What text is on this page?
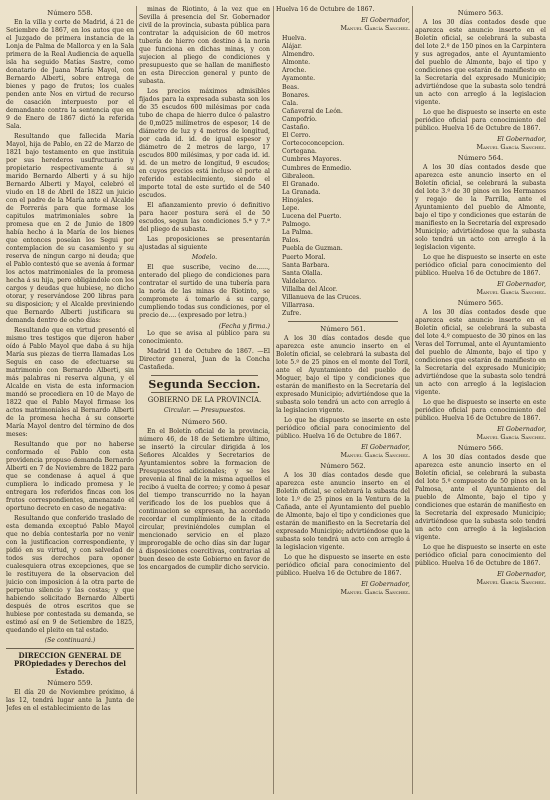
Número 558.

En la villa y corte de Madrid, á 21 de Setiembre de 1867, en los autos que en el Juzgado de primera instancia de la Lonja de Palma de Mallorca y en la Sala primera de la Real Audiencia de aquella isla ha seguido Matías Sastre, como donatario de Juana María Mayol, con Bernardo Alberti, sobre entrega de bienes y pago de frutos; los cuales penden ante Nos en virtud de recurso de casación interpuesto por el demandante contra la sentencia que en 9 de Enero de 1867 dictó la referida Sala.

Resultando que fallecida María Mayol, hija de Pablo, en 22 de Marzo de 1821 bajo testamento en que instituía por sus herederos usufructuario y propietario respectivamente á su marido Bernardo Alberti y á su hijo Bernardo Alberti y Mayol, celebró el viudo en 18 de Abril de 1822 un juicio con el padre de la María ante el Alcalde de Porrerás para que formase los capitulos matrimoniales sobre la promesa que en 2 de Junio de 1809 había hecho á la María de los bienes que entonces poseían los Segui por contemplacion de su casamiento y su reserva de ningun cargo ni deuda; que el Pablo contestó que se avenía á formar los actos matrimoniales de la promesa hecha á su hija, pero obligándole con los cargos y deudas que hubiese, no dicho otorar, y reservándose 200 libras para su disposicion; y el Alcalde previniendo que Bernardo Alberti justificara su demanda dentro de ocho días:

Resultando que en virtud presentó el mismo tres testigos que dijeron haber oído á Pablo Mayol que daba á su hija María sus piezas de tierra llamadas Los Seguis en caso de efectuarse su matrimonio con Bernardo Alberti, sin más palabras ni reserva alguna, y el Alcalde en vista de esta informacion mandó se procediera en 10 de Mayo de 1822 que el Pablo Mayol firmase los actos matrimoniales al Bernardo Alberti de la promesa hecha á su consorte María Mayol dentro del término de dos meses:

Resultando que por no haberse conformado el Pablo con esta providencia propuso demanda Bernardo Alberti en 7 de Noviembre de 1822 para que se condenase á aquel á que cumpliera lo indicado promesa y le entregara los referidos fincas con los frutos correspondientes, amenazado el oportuno decreto en caso de negativa:

Resultando que conferido traslado de esta demanda exceptuó Pablo Mayol que no debía contestarla por no venir con la justificacion correspondiente, y pidió en su virtud, y con salvedad de todos sus derechos para oponer cualesquiera otras excepciones, que se le restituyera de la observacion del juicio con imposicion á la otra parte de perpetuo silencio y las costas; y que habiendo solicitado Bernardo Alberti después de otros escritos que se hubiese por contestada su demanda, se estimó así en 9 de Setiembre de 1825, quedando el pleito en tal estado.

(Se continuará.)
DIRECCION GENERAL DE PROpiedades y Derechos del Estado.
Número 559.

El día 20 de Noviembre próximo, á las 12, tendrá lugar ante la Junta de Jefes en el establecimiento de las

minas de Riotinto, á la vez que en Sevilla á presencia del Sr. Gobernador civil de la provincia, subasta pública para contratar la adquisicion de 60 metros tubería de hierro con destino á la noria que funciona en dichas minas, y con sujecion al pliego de condiciones y presupuesto que se hallan de manifiesto en esta Direccion general y punto de subasta.

Los precios máximos admisibles fijados para la expresada subasta son los de 35 escudos 600 milésimas por cada tubo de chapa de hierro dulce ó palastro de 0,m025 milímetros de espesor, 14 de diámetro de luz y 4 metros de longitud, por cada id. id. de igual espesor y diámetro de 2 metros de largo, 17 escudos 800 milésimas, y por cada id. id. id. de un metro de longitud, 9 escudos; en cuyos precios está incluso el porte al referido establecimiento, siendo el importe total de este surtido el de 540 escudos.

El afianzamiento previo ó definitivo para hacer postura será el de 50 escudos, segun las condiciones 5.ª y 7.ª del pliego de subasta.

Las proposiciones se presentarán ajustadas al siguiente

Modelo.

El que suscribe, vecino de......, enterado del pliego de condiciones para contratar el surtido de una tubería para la noria de las minas de Riotinto, se compromete á tomarlo á su cargo, cumpliendo todas sus condiciones, por el precio de.... (expresado por letra.)

(Fecha y firma.)

Lo que se avisa al público para su conocimiento.

Madrid 11 de Octubre de 1867. —El Director general, Juan de la Concha Castañeda.

Segunda Seccion.
GOBIERNO DE LA PROVINCIA.
Circular. — Presupuestos.
Número 560.

En el Boletín oficial de la provincia, número 46, de 18 de Setiembre último, se insertó la circular dirigida á los Señores Alcaldes y Secretarios de Ayuntamientos sobre la formacion de Presupuestos adicionales; y se les prevenia al final de la misma aquellos el recibo á vuelta de correo; y como á pesar del tiempo transcurrido no la hayan verificado los de los pueblos que á continuacion se expresan, ha acordado recordar el cumplimiento de la citada circular, previniéndoles cumplan el mencionado servicio en el plazo improrogable de ocho días sin dar lugar á disposiciones coercitivas, contrarias al buen deseo de este Gobierno en favor de los encargados de cumplir dicho servicio.

Huelva 16 de Octubre de 1867.

El Gobernador,
Manuel García Sanchez.
Huelva.
Alájar.
Almendro.
Almonte.
Aroche.
Ayamonte.
Beas.
Bonares.
Cala.
Cañaveral de León.
Campofrío.
Castaño.
El Cerro.
Cortecoconcepcion.
Cortegana.
Cumbres Mayores.
Cumbres de Enmedio.
Gibraleon.
El Granado.
La Granada.
Hinojales.
Lepe.
Lucena del Puerto.
Palmogo.
La Palma.
Palos.
Puebla de Guzman.
Puerto Moral.
Santa Barbara.
Santa Olalla.
Valdelarco.
Villalba del Alcor.
Villanueva de las Cruces.
Villarrasa.
Zufre.
Número 561.

A los 30 días contados desde que aparezca este anuncio inserto en el Boletín oficial, se celebrará la subasta del lote 5.º de 25 pinos en el monte del Toril, ante el Ayuntamiento del pueblo de Moguer, bajo el tipo y condiciones que estarán de manifiesto en la Secretaría del expresado Municipio; advirtiéndose que la subasta solo tendrá un acto con arreglo á la legislacion vigente.

Lo que he dispuesto se inserte en este periódico oficial para conocimiento del público. Huelva 16 de Octubre de 1867.

El Gobernador,
Manuel García Sanchez.
Número 562.

A los 30 días contados desde que aparezca este anuncio inserto en el Boletín oficial, se celebrará la subasta del lote 1.º de 25 pinos en la Ventura de la Cañada, ante el Ayuntamiento del pueblo de Almonte, bajo el tipo y condiciones que estarán de manifiesto en la Secretaría del expresado Municipio; advirtiéndose que la subasta solo tendrá un acto con arreglo á la legislacion vigente.

Lo que he dispuesto se inserte en este periódico oficial para conocimiento del público. Huelva 16 de Octubre de 1867.

El Gobernador,
Manuel García Sanchez.
Número 563.

A los 30 días contados desde que aparezca este anuncio inserto en el Boletín oficial, se celebrará la subasta del lote 2.º de 150 pinos en la Carpintera y sus agregados, ante el Ayuntamiento del pueblo de Almonte, bajo el tipo y condiciones que estarán de manifiesto en la Secretaría del expresado Municipio; advirtiéndose que la subasta solo tendrá un acto con arreglo á la legislacion vigente.

Lo que he dispuesto se inserte en este periódico oficial para conocimiento del público. Huelva 16 de Octubre de 1867.

El Gobernador,
Manuel García Sanchez.
Número 564.

A los 30 días contados desde que aparezca este anuncio inserto en el Boletín oficial, se celebrará la subasta del lote 3.º de 30 pinos en los Hermanos y regajo de la Parrilla, ante el Ayuntamiento del pueblo de Almonte, bajo el tipo y condiciones que estarán de manifiesto en la Secretaría del expresado Municipio; advirtiéndose que la subasta solo tendrá un acto con arreglo á la legislacion vigente.

Lo que he dispuesto se inserte en este periódico oficial para conocimiento del público. Huelva 16 de Octubre de 1867.

El Gobernador,
Manuel García Sanchez.
Número 565.

A los 30 días contados desde que aparezca este anuncio inserto en el Boletín oficial, se celebrará la subasta del lote 4.º compuesto de 30 pinos en las Veras del Torrumal, ante el Ayuntamiento del pueblo de Almonte, bajo el tipo y condiciones que estarán de manifiesto en la Secretaría del expresado Municipio; advirtiéndose que la subasta solo tendrá un acto con arreglo á la legislacion vigente.

Lo que he dispuesto se inserte en este periódico oficial para conocimiento del público. Huelva 16 de Octubre de 1867.

El Gobernador,
Manuel García Sanchez.
Número 566.

A los 30 días contados desde que aparezca este anuncio inserto en el Boletín oficial, se celebrará la subasta del lote 5.º compuesto de 50 pinos en la Palmosa, ante el Ayuntamiento del pueblo de Almonte, bajo el tipo y condiciones que estarán de manifiesto en la Secretaría del expresado Municipio; advirtiéndose que la subasta solo tendrá un acto con arreglo á la legislacion vigente.

Lo que he dispuesto se inserte en este periódico oficial para conocimiento del público. Huelva 16 de Octubre de 1867.

El Gobernador,
Manuel García Sanchez.
